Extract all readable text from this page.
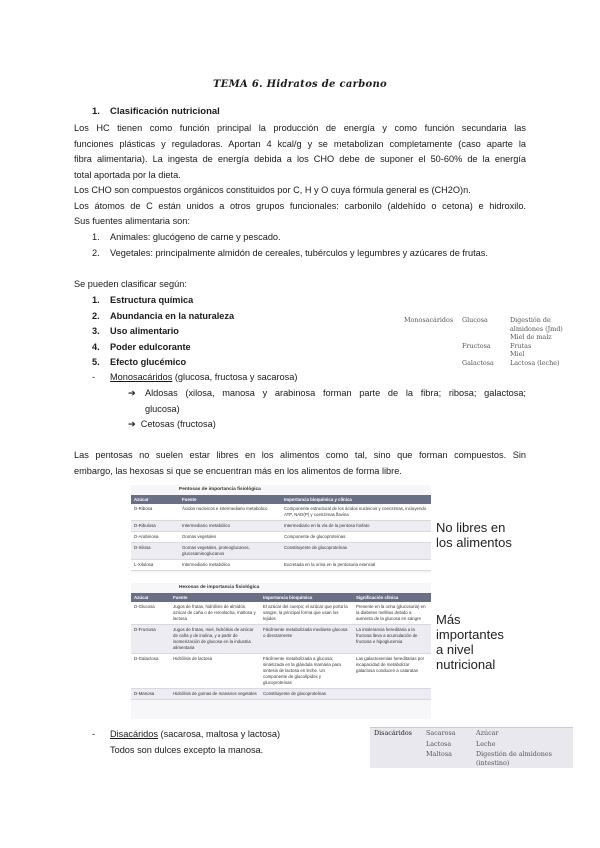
TEMA 6. Hidratos de carbono
1. Clasificación nutricional
Los HC tienen como función principal la producción de energía y como función secundaria las
funciones plásticas y reguladoras. Aportan 4 kcal/g y se metabolizan completamente (caso aparte la
fibra alimentaria). La ingesta de energía debida a los CHO debe de suponer el 50-60% de la energía
total aportada por la dieta.
Los CHO son compuestos orgánicos constituidos por C, H y O cuya fórmula general es (CH2O)n.
Los átomos de C están unidos a otros grupos funcionales: carbonilo (aldehído o cetona) e hidroxilo.
Sus fuentes alimentaria son:
1. Animales: glucógeno de carne y pescado.
2. Vegetales: principalmente almidón de cereales, tubérculos y legumbres y azúcares de frutas.
Se pueden clasificar según:
1. Estructura química
2. Abundancia en la naturaleza
3. Uso alimentario
4. Poder edulcorante
5. Efecto glucémico
- Monosacáridos (glucosa, fructosa y sacarosa)
➔ Aldosas (xilosa, manosa y arabinosa forman parte de la fibra; ribosa; galactosa;
glucosa)
➔ Cetosas (fructosa)
Monosacáridos	Glucosa	Digestión de almidones (Jmd)
		Miel de malz
	Fructosa	Frutas
		Miel
	Galactosa	Lactosa (leche)
Las pentosas no suelen estar libres en los alimentos como tal, sino que forman compuestos. Sin
embargo, las hexosas si que se encuentran más en los alimentos de forma libre.
Pentosas de importancia fisiológica
Azúcar	Fuente	Importancia bioquímica y clínica
D-Ribosa	Ácidos nucleicos e intermediario metabólico	Componente estructural de los ácidos nucleicos y coenzimas, incluyendo ATP, NAD(P) y coenzimas flavina
D-Ribulosa	Intermediario metabólico	Intermediario en la vía de la pentosa fosfato
D-Arabinosa	Gomas vegetales	Componente de glucoproteínas
D-Xilosa	Gomas vegetales, proteoglucanos, glucosaminoglucanos	Constituyente de glucoproteínas
L-Xilulosa	Intermediario metabólico	Excretada en la orina en la pentosuria esencial
Hexosas de importancia fisiológica
Azúcar	Fuente	Importancia bioquímica	Significación clínica
D-Glucosa	Jugos de frutas, hidrólisis de almidón, azúcar de caña o de remolacha, maltosa y lactosa	El azúcar del cuerpo; el azúcar que porta la sangre; la principal forma que usan los tejidos	Presente en la orina (glucosuria) en la diabetes mellitus debido a aumento de la glucosa en sangre
D-Fructosa	Jugos de frutas, miel, hidrólisis de azúcar de caña y de inulina, y a partir de isomerización de glucosa en la industria alimentaria	Fácilmente metabolizada mediante glucosa o directamente	La intolerancia hereditaria a la fructosa lleva a acumulación de fructosa e hipoglucemia
D-Galactosa	Hidrólisis de lactosa	Fácilmente metabolizada a glucosa; sintetizada en la glándula mamaria para síntesis de lactosa en leche. Un componente de glucolípidos y glucoproteínas	Las galactosemias hereditarias por incapacidad de metabolizar galactosa conducen a cataratas
D-Manosa	Hidrólisis de gomas de mananos vegetales	Constituyente de glucoproteínas	
No libres en
los alimentos
Más
importantes
a nivel
nutricional
- Disacáridos (sacarosa, maltosa y lactosa)
Todos son dulces excepto la manosa.
Disacáridos	Sacarosa	Azúcar
	Lactosa	Leche
	Maltosa	Digestión de almidones (intestino)
